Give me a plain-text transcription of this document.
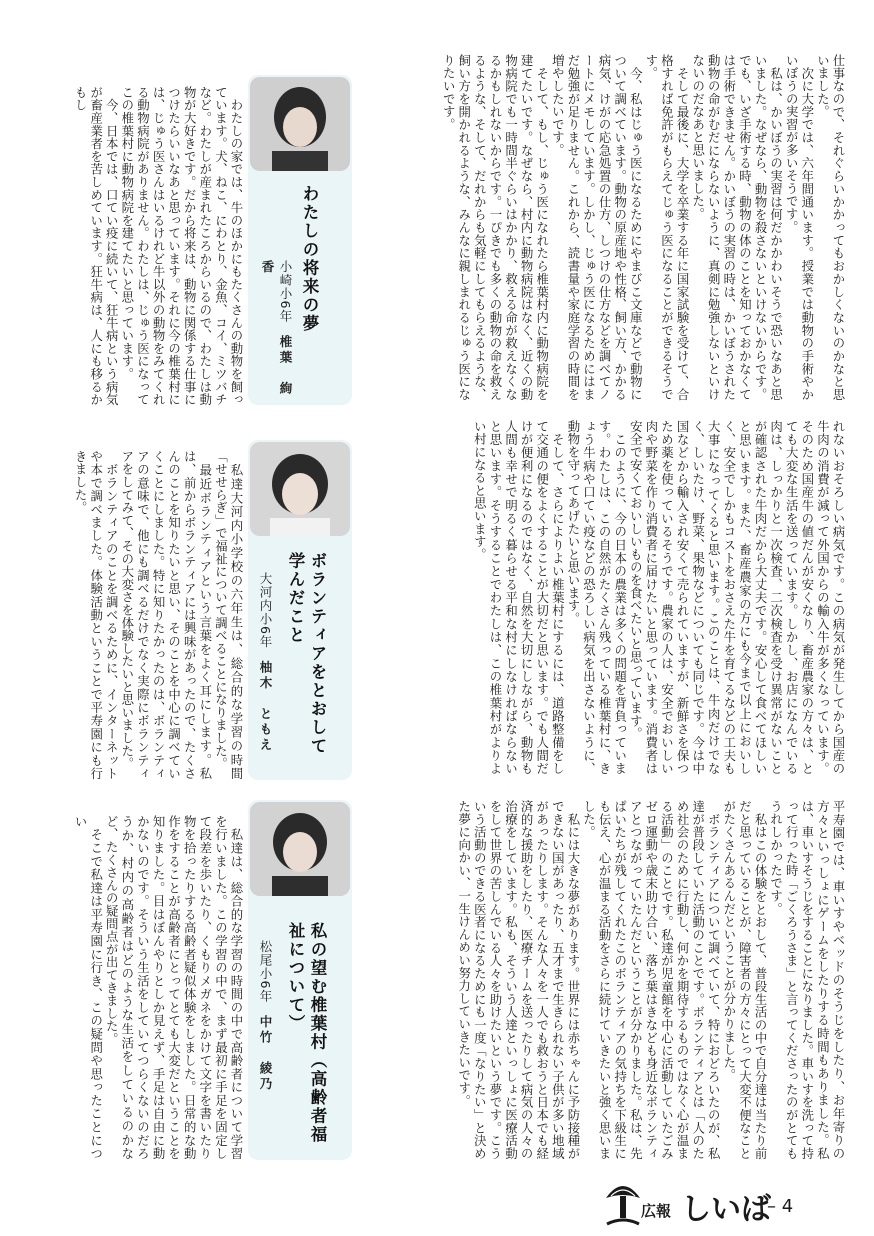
仕事なので、それぐらいかかってもおかしくないのかなと思いました。
　次に大学では、六年間通います。授業では動物の手術やかいぼうの実習が多いそうです。
　私は、かいぼうの実習は何だかかわいそうで恐いなあと思いました。なぜなら、動物を殺さないといけないからです。でも、いざ手術する時、動物の体のことを知っておかなくては手術できません。かいぼうの実習の時は、かいぼうされた動物の命がむだにならないように、真剣に勉強しないといけないのだなあと思いました。
　そして最後に、大学を卒業する年に国家試験を受けて、合格すれば免許がもらえてじゅう医になることができるそうです。
　今、私はじゅう医になるためにやまびこ文庫などで動物について調べています。動物の原産地や性格、飼い方、かかる病気、けがの応急処置の仕方、しつけの仕方などを調べてノートにメモしています。しかし、じゅう医になるためにはまだ勉強が足りません。これから、読書量や家庭学習の時間を増やしたいです。
　そして、もし、じゅう医になれたら椎葉村内に動物病院を建てたいです。なぜなら、村内に動物病院はなく、近くの動物病院でも一時間半ぐらいはかかり、救える命が救えなくなるかもしれないからです。一ぴきでも多くの動物の命を救えるような、そして、だれからも気軽にしてもらえるような、飼い方を開かれるような、みんなに親しまれるじゅう医になりたいです。
わたしの将来の夢
小崎小6年椎葉　絢香
　わたしの家では、牛のほかにもたくさんの動物を飼っています。犬、ねこ、にわとり、金魚、コイ、ミツバチなど。わたしが産まれたころからいるので、わたしは動物が大好きです。だから将来は、動物に関係する仕事につけたらいいなあと思っています。それに今の椎葉村には、じゅう医さんはいるけれど牛以外の動物をみてくれる動物病院がありません。わたしは、じゅう医になってこの椎葉村に動物病院を建てたいと思っています。
　今、日本では、口てい疫に続いて、狂牛病という病気が畜産業者を苦しめています。狂牛病は、人にも移るかもし
れないおそろしい病気です。この病気が発生してから国産の牛肉の消費が減って外国からの輸入牛が多くなっています。そのため国産牛の値だんが安くなり、畜産農家の方々は、とても大変な生活を送っています。しかし、お店になんでいる肉は、しっかりと一次検査、二次検査を受け異常がないことが確認された牛肉だから大丈夫です。安心して食べてほしいと思います。また、畜産農家の方にも今まで以上においしく、安全でしかもコストをおさえた牛を育てるなどの工夫も大事になってくると思います。このことは、牛肉だけでなく、しいたけ、野菜、果物などについても同じです。今は中国などから輸入され安くて売られていますが、新鮮さを保つため薬を使っているそうです。農家の人は、安全でおいしい肉や野菜を作り消費者に届けたいと思っています。消費者は安全で安くておいしいものを食べたいと思っています。
　このように、今の日本の農業は多くの問題を背負っています。わたしは、この自然がたくさん残っている椎葉村に、きょう牛病や口てい疫などの恐ろしい病気を出さないように、動物を守ってあげたいと思います。
　そして、さらによりよい椎葉村にするには、道路整備をして交通の便をよくすることが大切だと思います。でも人間だけが便利になるのではなく、自然を大切にしながら、動物も人間も幸せで明るく暮らせる平和な村にしなければならないと思います。そうすることでわたしは、この椎葉村がよりよい村になると思います。
ボランティアをとおして学んだこと
大河内小6年柚木　ともえ
　私達大河内小学校の六年生は、総合的な学習の時間「せせらぎ」で福祉について調べることになりました。
　最近ボランティアという言葉をよく耳にします。私は、前からボランティアには興味があったので、たくさんのことを知りたいと思い、そのことを中心に調べていくことにしました。特に知りたかったのは、ボランティアの意味で、他にも調べるだけでなく実際にボランティアをしてみて、その大変さを体験したいと思いました。
　ボランティアのことを調べるために、インターネットや本で調べました。体験活動ということで平寿園にも行きました。
平寿園では、車いすやベッドのそうじをしたり、お年寄りの方々といっしょにゲームをしたりする時間もありました。私は、車いすそうじをすることになりました。車いすを洗って持って行った時「ごくろうさま」と言ってくださったのがとてもうれしかったです。
　私はこの体験をとおして、普段生活の中で自分達は当たり前だと思っていることが、障害者の方々にとって大変不便なことがたくさんあるんだということが分かりました。
　ボランティアについて調べていて、特におどろいたのが、私達が普段していた活動のことです。ボランティアとは「人のため社会のために行動し、何かを期待するものではなく心が温まる活動」のことです。私達が児童館を中心に活動していたごみゼロ運動や歳末助け合い、落ち葉はきなども身近なボランティアとつながっていたんだということが分かりました。私は、先ぱいたちが残してくれたこのボランティアの気持ちを下級生にも伝え、心が温まる活動をさらに続けていきたいと強く思いました。
　私には大きな夢があります。世界には赤ちゃんに予防接種ができない国があったり、五才まで生きられない子供が多い地域があったりします。そんな人々を一人でも救おうと日本でも経済的な援助をしたり、医療チームを送ったりして病気の人々の治療をしています。私も、そういう人達といっしょに医療活動をして世界の苦しんでいる人々を助けたいという夢です。こういう活動のできる医者になるためにも一度「なりたい」と決めた夢に向かい、一生けんめい努力していきたいです。
私の望む椎葉村（高齢者福祉について）
松尾小6年中竹　綾乃
　私達は、総合的な学習の時間の中で高齢者について学習を行いました。この学習の中で、まず最初に手足を固定して段差を歩いたり、くもりメガネをかけて文字を書いたり物を拾ったりする高齢者疑似体験をしました。日常的な動作をすることが高齢者にとってとても大変だということを知りました。目はぼんやりとしか見えず、手足は自由に動かないのです。そういう生活をしていてつらくないのだろうか、村内の高齢者はどのような生活をしているのかなど、たくさんの疑問点が出てきました。
　そこで私達は平寿園に行き、この疑問や思ったことについ
広報 しいば
– 4
